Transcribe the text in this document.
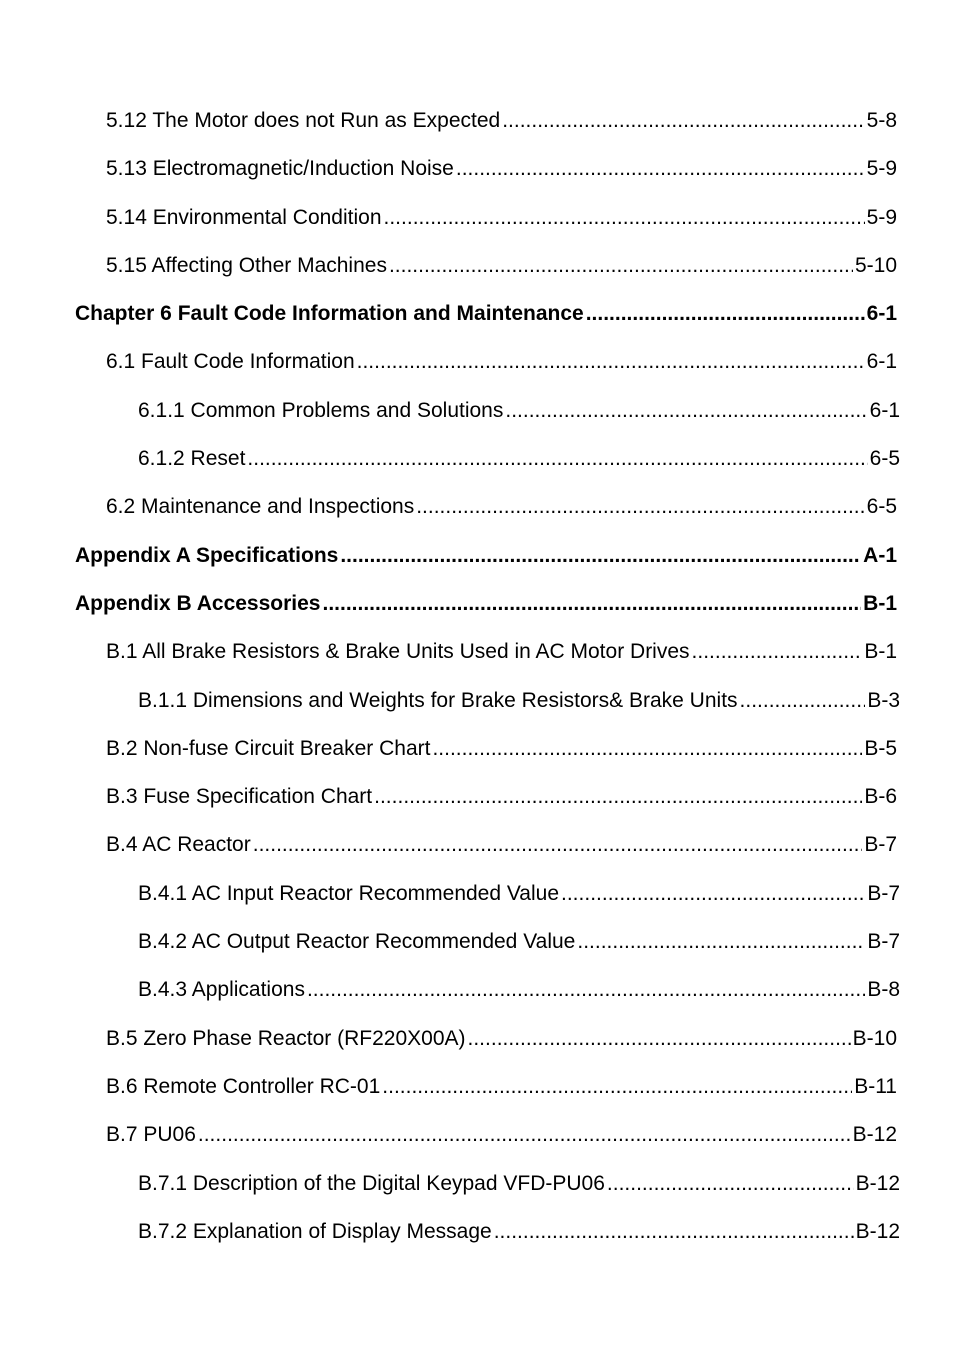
5.12 The Motor does not Run as Expected .....	5-8
5.13 Electromagnetic/Induction Noise .....	5-9
5.14 Environmental Condition .....	5-9
5.15 Affecting Other Machines .....	5-10
Chapter 6 Fault Code Information and Maintenance .....	6-1
6.1 Fault Code Information .....	6-1
6.1.1 Common Problems and Solutions .....	6-1
6.1.2 Reset .....	6-5
6.2 Maintenance and Inspections .....	6-5
Appendix A Specifications .....	A-1
Appendix B Accessories .....	B-1
B.1 All Brake Resistors & Brake Units Used in AC Motor Drives .....	B-1
B.1.1 Dimensions and Weights for Brake Resistors& Brake Units .....	B-3
B.2 Non-fuse Circuit Breaker Chart .....	B-5
B.3 Fuse Specification Chart .....	B-6
B.4 AC Reactor .....	B-7
B.4.1 AC Input Reactor Recommended Value .....	B-7
B.4.2 AC Output Reactor Recommended Value .....	B-7
B.4.3 Applications .....	B-8
B.5 Zero Phase Reactor (RF220X00A) .....	B-10
B.6 Remote Controller RC-01 .....	B-11
B.7 PU06 .....	B-12
B.7.1 Description of the Digital Keypad VFD-PU06 .....	B-12
B.7.2 Explanation of Display Message .....	B-12
